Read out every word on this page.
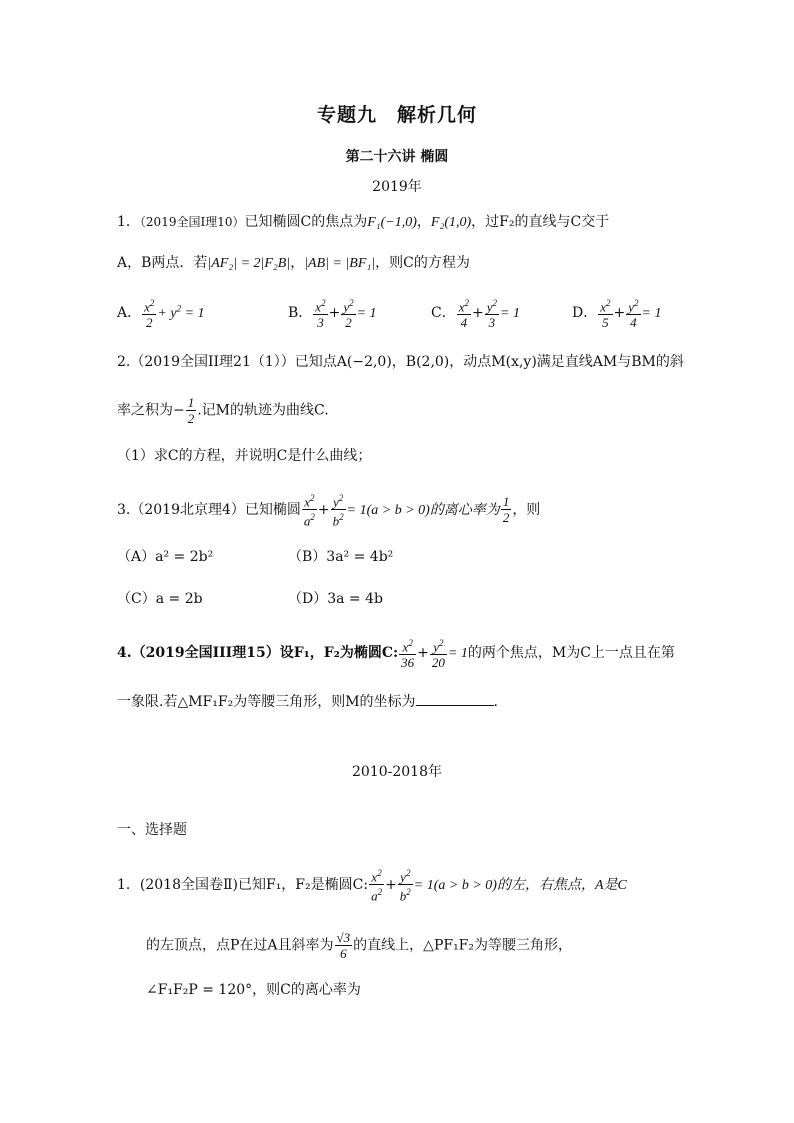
专题九　解析几何
第二十六讲 椭圆
2019年
1．（2019全国Ⅰ理10）已知椭圆C的焦点为F₁(−1,0)，F₂(1,0)，过F₂的直线与C交于
A，B两点．若|AF₂| = 2|F₂B|，|AB| = |BF₁|，则C的方程为
A． $\frac{x^2}{2} + y^2 = 1$	B． $\frac{x^2}{3} + \frac{y^2}{2} = 1$	C． $\frac{x^2}{4} + \frac{y^2}{3} = 1$	D． $\frac{x^2}{5} + \frac{y^2}{4} = 1$
2.（2019全国II理21（1））已知点A(−2,0)，B(2,0)，动点M(x,y)满足直线AM与BM的斜
率之积为− $\frac{1}{2}$ .记M的轨迹为曲线C.
（1）求C的方程，并说明C是什么曲线；
3.（2019北京理4）已知椭圆 $\frac{x^2}{a^2} + \frac{y^2}{b^2} = 1(a > b > 0)$的离心率为 $\frac{1}{2}$ ，则
（A）a² = 2b²	（B）3a² = 4b²
（C）a = 2b	（D）3a = 4b
4.（2019全国III理15）设F₁，F₂为椭圆C: $\frac{x^2}{36} + \frac{y^2}{20} = 1$的两个焦点，M为C上一点且在第
一象限.若△MF₁F₂为等腰三角形，则M的坐标为	.
2010-2018年
一、选择题
1．(2018全国卷Ⅱ)已知F₁，F₂是椭圆C: $\frac{x^2}{a^2} + \frac{y^2}{b^2} = 1(a > b > 0)$的左，右焦点，A是C
的左顶点，点P在过A且斜率为 $\frac{√3}{6}$ 的直线上，△PF₁F₂为等腰三角形，
∠F₁F₂P = 120°，则C的离心率为
